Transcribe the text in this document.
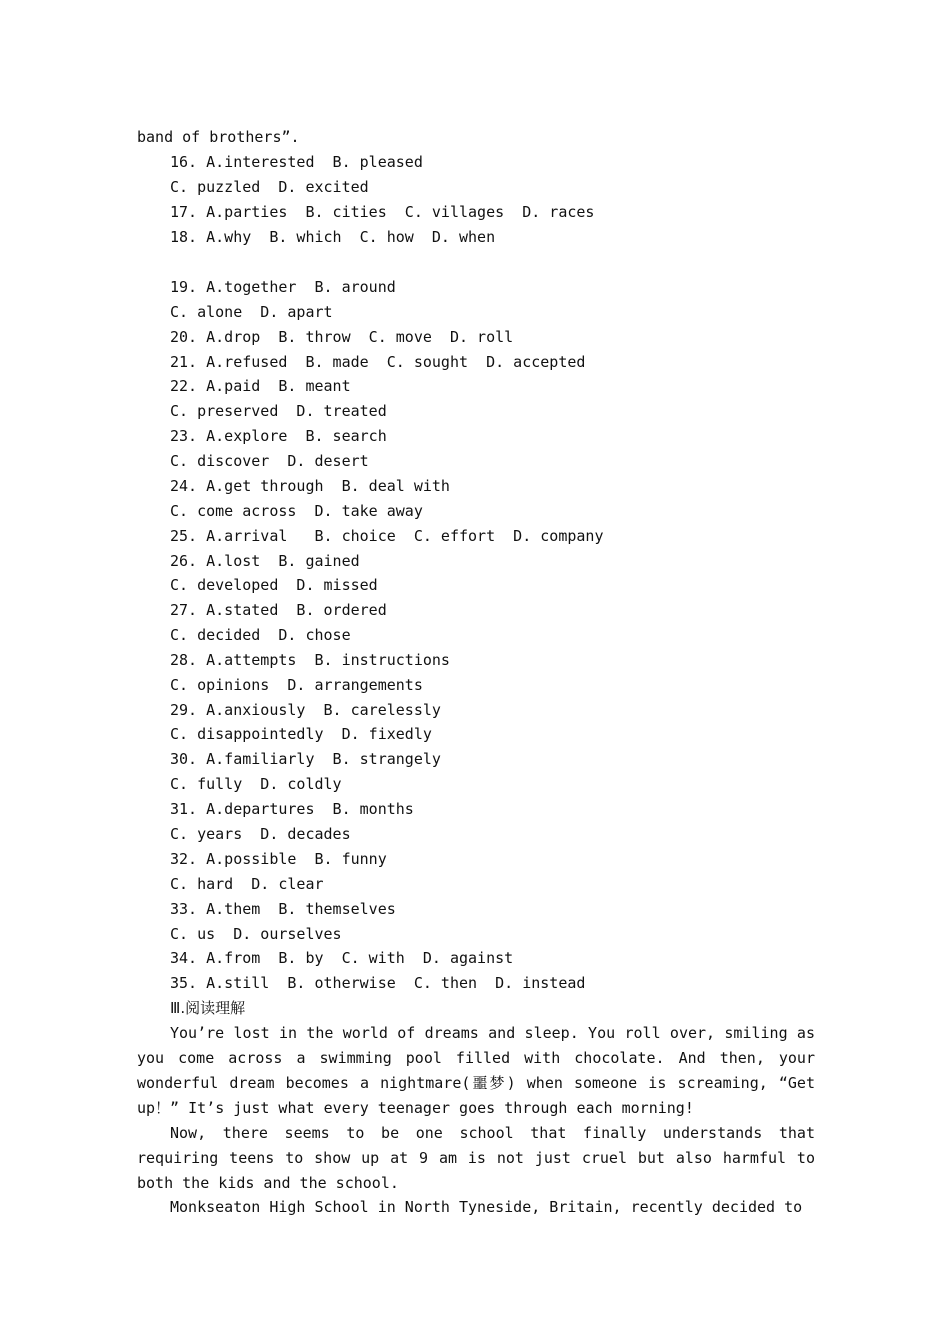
band of brothers”.
16. A.interested  B. pleased
C. puzzled  D. excited
17. A.parties  B. cities  C. villages  D. races
18. A.why  B. which  C. how  D. when
19. A.together  B. around
C. alone  D. apart
20. A.drop  B. throw  C. move  D. roll
21. A.refused  B. made  C. sought  D. accepted
22. A.paid  B. meant
C. preserved  D. treated
23. A.explore  B. search
C. discover  D. desert
24. A.get through  B. deal with
C. come across  D. take away
25. A.arrival   B. choice  C. effort  D. company
26. A.lost  B. gained
C. developed  D. missed
27. A.stated  B. ordered
C. decided  D. chose
28. A.attempts  B. instructions
C. opinions  D. arrangements
29. A.anxiously  B. carelessly
C. disappointedly  D. fixedly
30. A.familiarly  B. strangely
C. fully  D. coldly
31. A.departures  B. months
C. years  D. decades
32. A.possible  B. funny
C. hard  D. clear
33. A.them  B. themselves
C. us  D. ourselves
34. A.from  B. by  C. with  D. against
35. A.still  B. otherwise  C. then  D. instead
Ⅲ.阅读理解
You’re lost in the world of dreams and sleep. You roll over, smiling as you come across a swimming pool filled with chocolate. And then, your wonderful dream becomes a nightmare(噩梦) when someone is screaming, “Get up！” It’s just what every teenager goes through each morning!
Now, there seems to be one school that finally understands that requiring teens to show up at 9 am is not just cruel but also harmful to both the kids and the school.
Monkseaton High School in North Tyneside, Britain, recently decided to
